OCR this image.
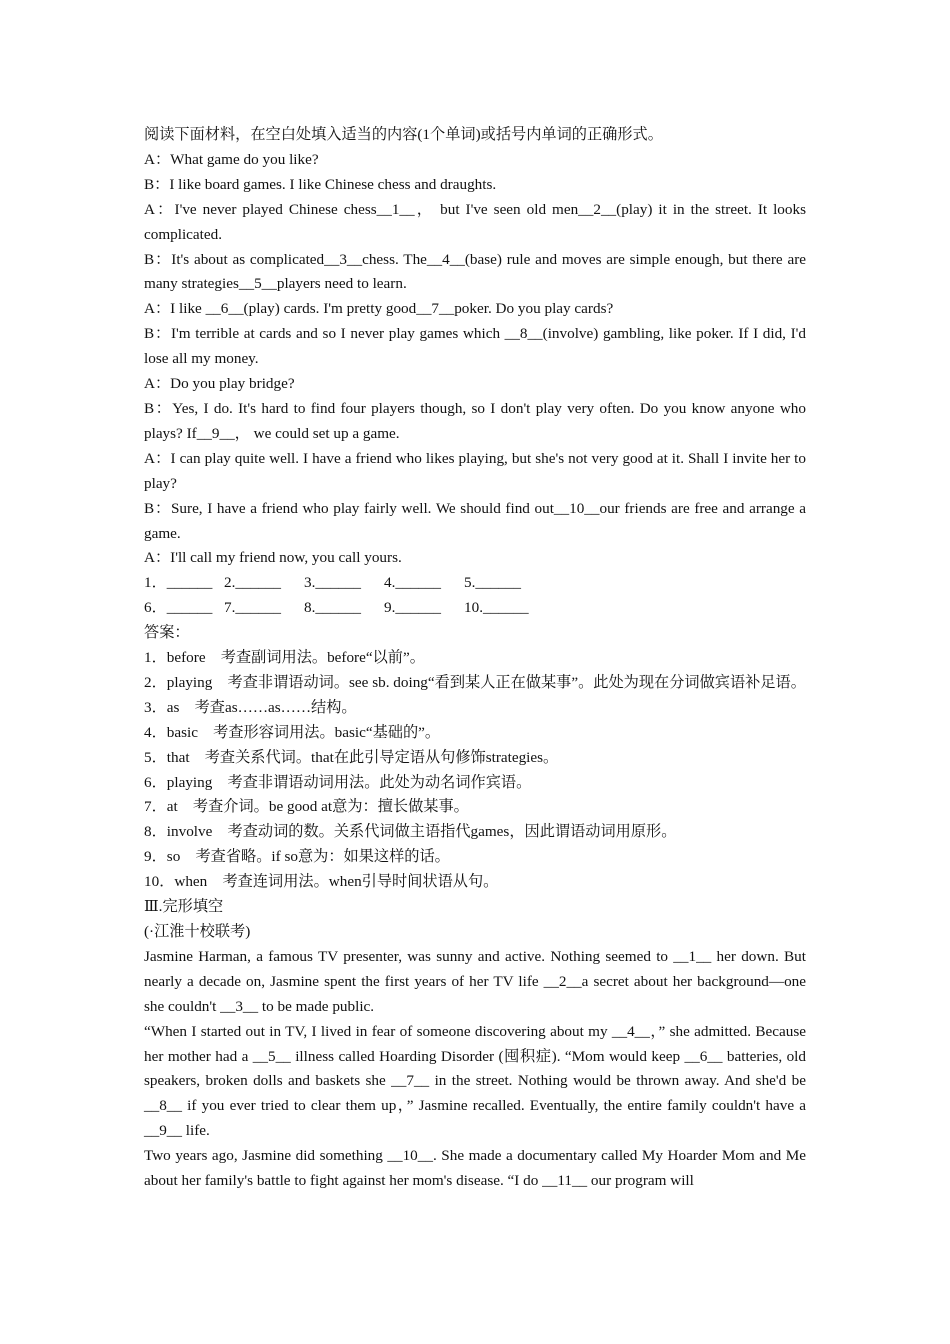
阅读下面材料，在空白处填入适当的内容(1个单词)或括号内单词的正确形式。

A：What game do you like?

B：I like board games. I like Chinese chess and draughts.

A：I've never played Chinese chess__1__， but I've seen old men__2__(play) it in the street. It looks complicated.

B：It's about as complicated__3__chess. The__4__(base) rule and moves are simple enough, but there are many strategies__5__players need to learn.

A：I like __6__(play) cards. I'm pretty good__7__poker. Do you play cards?

B：I'm terrible at cards and so I never play games which __8__(involve) gambling, like poker. If I did, I'd lose all my money.

A：Do you play bridge?

B：Yes, I do. It's hard to find four players though, so I don't play very often. Do you know anyone who plays? If__9__， we could set up a game.

A：I can play quite well. I have a friend who likes playing, but she's not very good at it. Shall I invite her to play?

B：Sure, I have a friend who play fairly well. We should find out__10__our friends are free and arrange a game.

A：I'll call my friend now, you call yours.

1．______ 2.______	3.______	4.______	5.______
6．______ 7.______	8.______	9.______	10.______

答案：

1．before　考查副词用法。before“以前”。

2．playing　考查非谓语动词。see sb. doing“看到某人正在做某事”。此处为现在分词做宾语补足语。

3．as　考查as……as……结构。

4．basic　考查形容词用法。basic“基础的”。

5．that　考查关系代词。that在此引导定语从句修饰strategies。

6．playing　考查非谓语动词用法。此处为动名词作宾语。

7．at　考查介词。be good at意为：擅长做某事。

8．involve　考查动词的数。关系代词做主语指代games，因此谓语动词用原形。

9．so　考查省略。if so意为：如果这样的话。

10．when　考查连词用法。when引导时间状语从句。

Ⅲ.完形填空

(·江淮十校联考)

Jasmine Harman, a famous TV presenter, was sunny and active. Nothing seemed to __1__ her down. But nearly a decade on, Jasmine spent the first years of her TV life __2__a secret about her background—one she couldn't __3__ to be made public.

“When I started out in TV, I lived in fear of someone discovering about my __4__，” she admitted. Because her mother had a __5__ illness called Hoarding Disorder (囤积症). “Mom would keep __6__ batteries, old speakers, broken dolls and baskets she __7__ in the street. Nothing would be thrown away. And she'd be __8__ if you ever tried to clear them up，” Jasmine recalled. Eventually, the entire family couldn't have a __9__ life.

Two years ago, Jasmine did something __10__. She made a documentary called My Hoarder Mom and Me about her family's battle to fight against her mom's disease. “I do __11__ our program will
